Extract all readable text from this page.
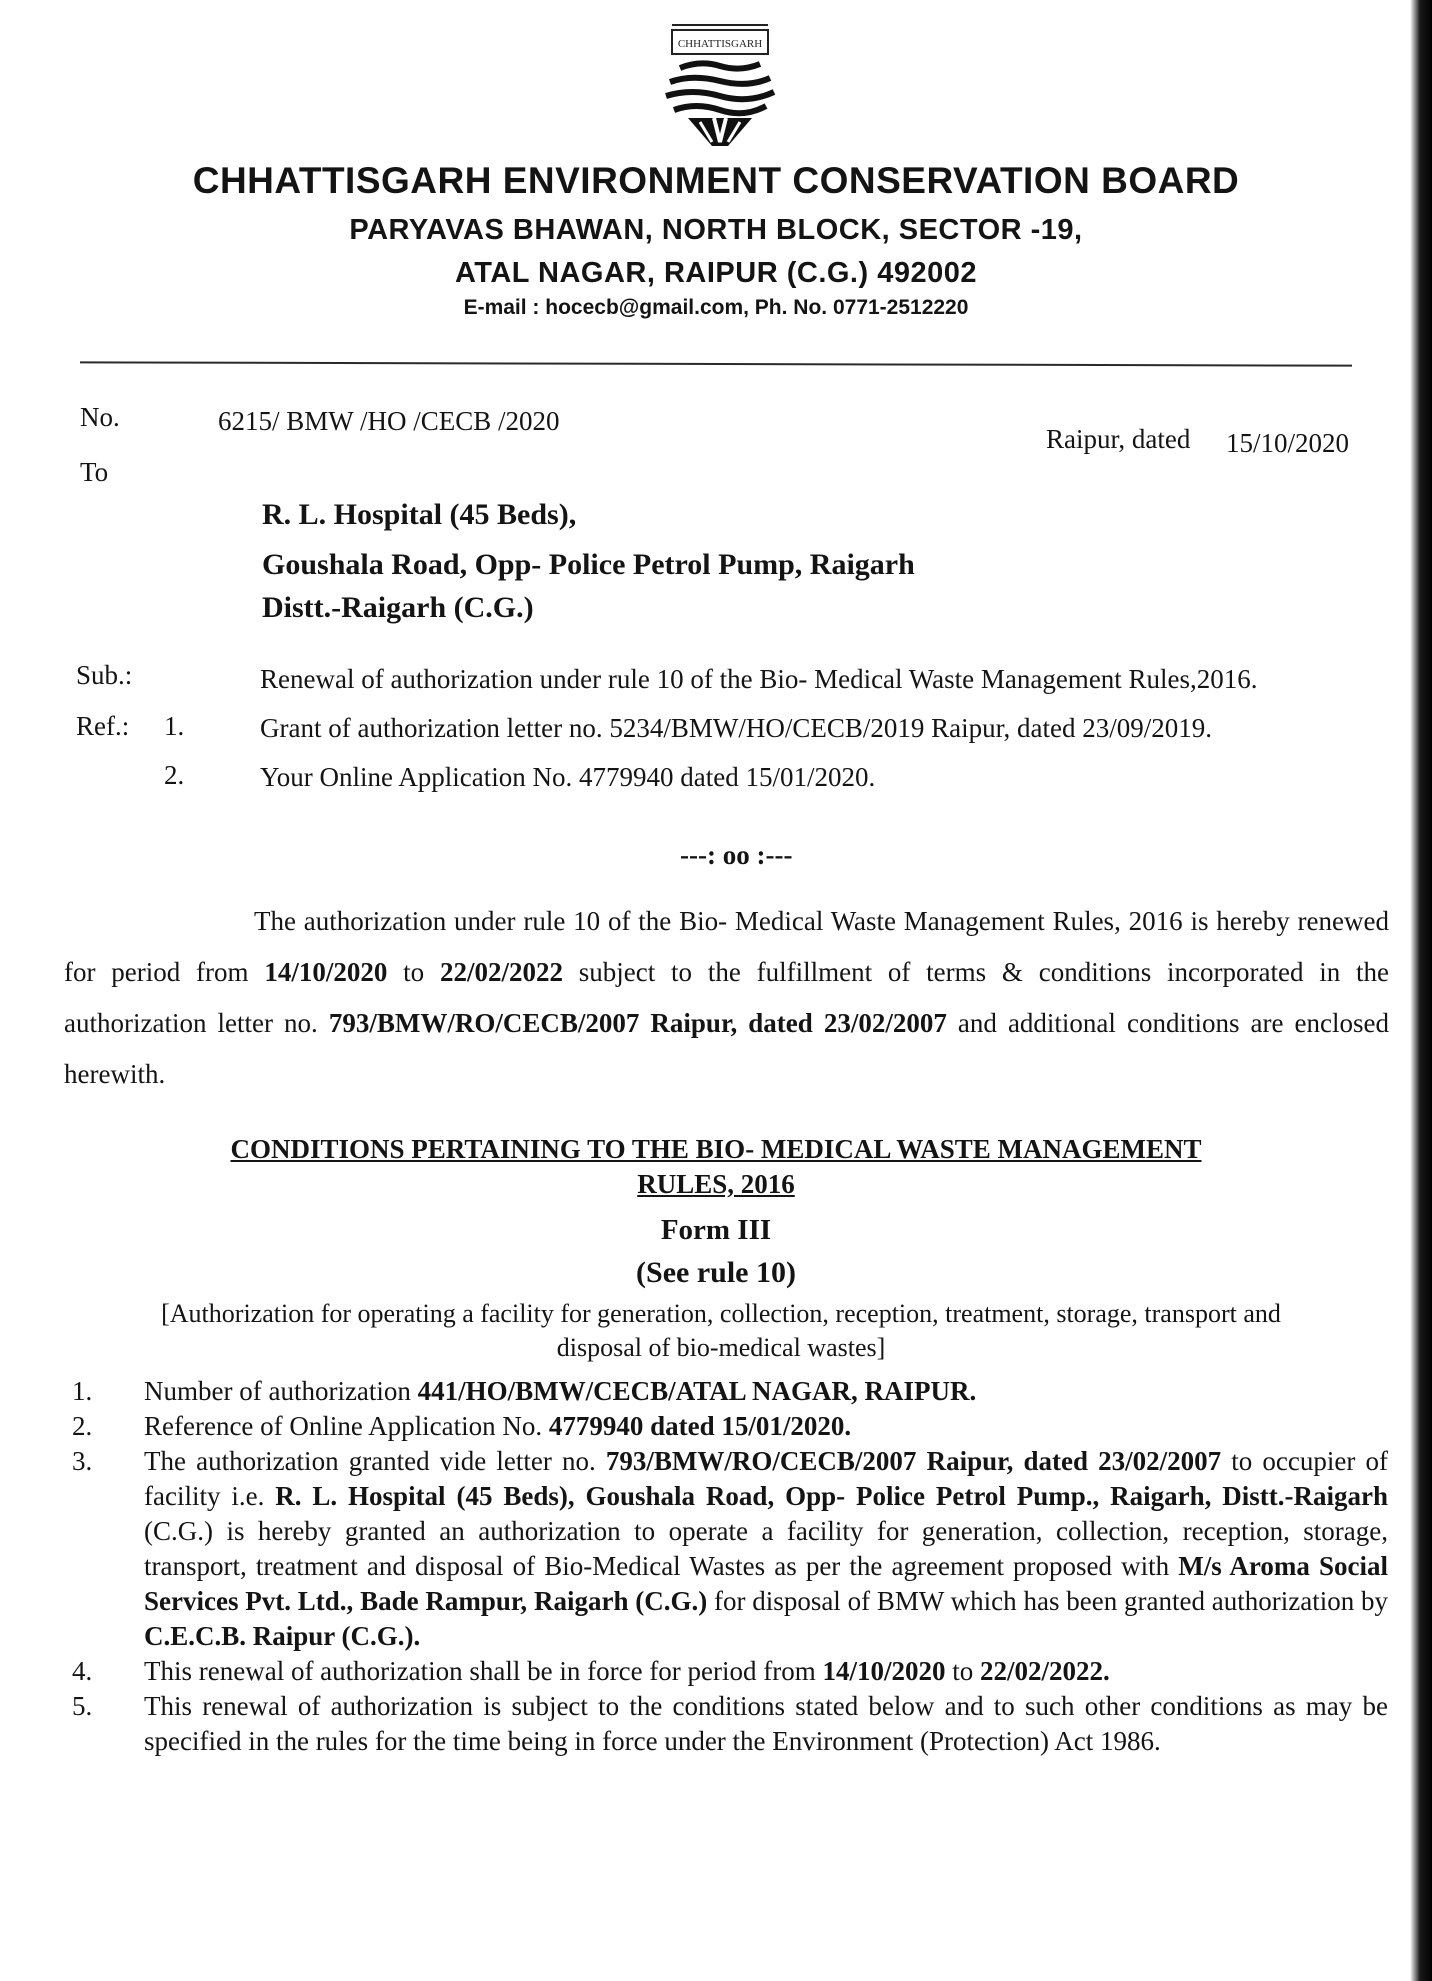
CHHATTISGARH
CHHATTISGARH ENVIRONMENT CONSERVATION BOARD
PARYAVAS BHAWAN, NORTH BLOCK, SECTOR -19,
ATAL NAGAR, RAIPUR (C.G.) 492002
E-mail : hocecb@gmail.com, Ph. No. 0771-2512220
No.	6215/ BMW /HO /CECB /2020
Raipur, dated 15/10/2020
To
R. L. Hospital (45 Beds),
Goushala Road, Opp- Police Petrol Pump, Raigarh
Distt.-Raigarh (C.G.)
Sub.:	Renewal of authorization under rule 10 of the Bio- Medical Waste Management Rules,2016.
Ref.: 1.	Grant of authorization letter no. 5234/BMW/HO/CECB/2019 Raipur, dated 23/09/2019.
2.	Your Online Application No. 4779940 dated 15/01/2020.
---: oo :---

The authorization under rule 10 of the Bio- Medical Waste Management Rules, 2016 is hereby renewed for period from 14/10/2020 to 22/02/2022 subject to the fulfillment of terms & conditions incorporated in the authorization letter no. 793/BMW/RO/CECB/2007 Raipur, dated 23/02/2007 and additional conditions are enclosed herewith.

CONDITIONS PERTAINING TO THE BIO- MEDICAL WASTE MANAGEMENT
RULES, 2016
Form III
(See rule 10)
[Authorization for operating a facility for generation, collection, reception, treatment, storage, transport and
disposal of bio-medical wastes]
1.	Number of authorization 441/HO/BMW/CECB/ATAL NAGAR, RAIPUR.
2.	Reference of Online Application No. 4779940 dated 15/01/2020.
3.	The authorization granted vide letter no. 793/BMW/RO/CECB/2007 Raipur, dated 23/02/2007 to occupier of facility i.e. R. L. Hospital (45 Beds), Goushala Road, Opp- Police Petrol Pump., Raigarh, Distt.-Raigarh (C.G.) is hereby granted an authorization to operate a facility for generation, collection, reception, storage, transport, treatment and disposal of Bio-Medical Wastes as per the agreement proposed with M/s Aroma Social Services Pvt. Ltd., Bade Rampur, Raigarh (C.G.) for disposal of BMW which has been granted authorization by C.E.C.B. Raipur (C.G.).
4.	This renewal of authorization shall be in force for period from 14/10/2020 to 22/02/2022.
5.	This renewal of authorization is subject to the conditions stated below and to such other conditions as may be specified in the rules for the time being in force under the Environment (Protection) Act 1986.
